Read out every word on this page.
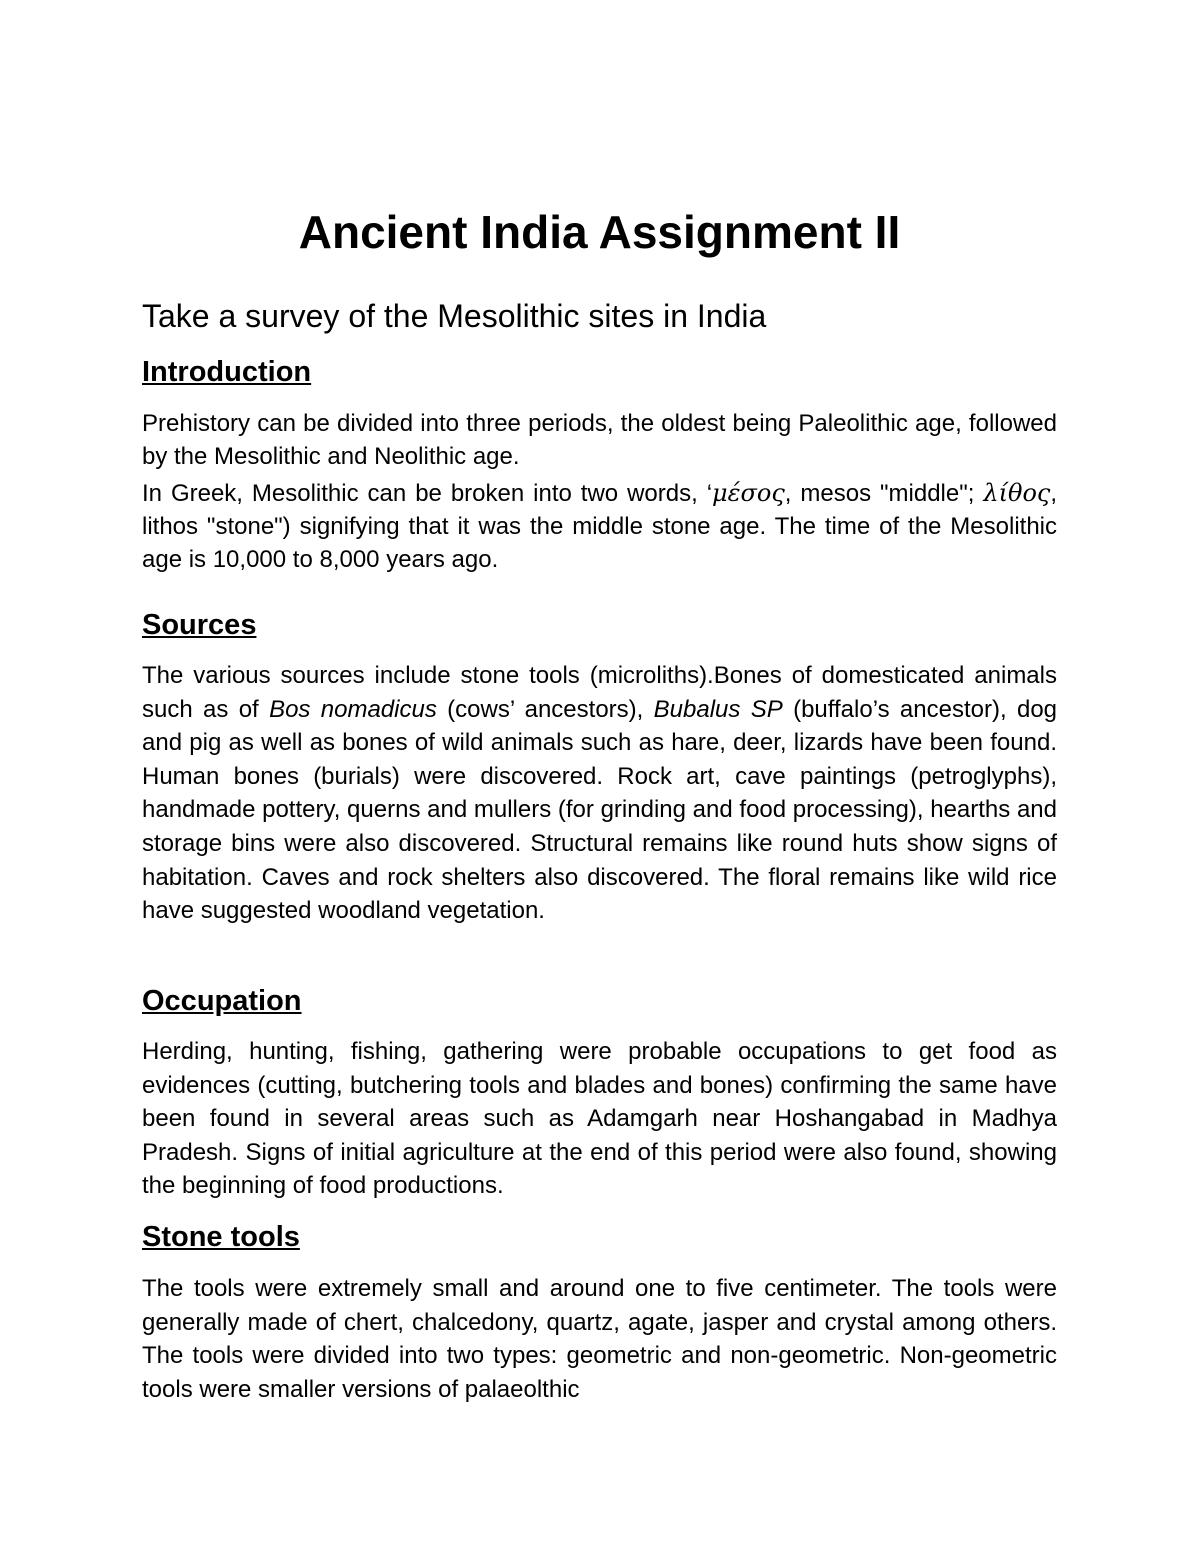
Ancient India Assignment II
Take a survey of the Mesolithic sites in India
Introduction

Prehistory can be divided into three periods, the oldest being Paleolithic age, followed by the Mesolithic and Neolithic age.

In Greek, Mesolithic can be broken into two words, ‘μέσος, mesos "middle"; λίθος, lithos "stone") signifying that it was the middle stone age. The time of the Mesolithic age is 10,000 to 8,000 years ago.

Sources

The various sources include stone tools (microliths).Bones of domesticated animals such as of Bos nomadicus (cows’ ancestors), Bubalus SP (buffalo’s ancestor), dog and pig as well as bones of wild animals such as hare, deer, lizards have been found. Human bones (burials) were discovered. Rock art, cave paintings (petroglyphs), handmade pottery, querns and mullers (for grinding and food processing), hearths and storage bins were also discovered. Structural remains like round huts show signs of habitation. Caves and rock shelters also discovered. The floral remains like wild rice have suggested woodland vegetation.

Occupation

Herding, hunting, fishing, gathering were probable occupations to get food as evidences (cutting, butchering tools and blades and bones) confirming the same have been found in several areas such as Adamgarh near Hoshangabad in Madhya Pradesh. Signs of initial agriculture at the end of this period were also found, showing the beginning of food productions.

Stone tools

The tools were extremely small and around one to five centimeter. The tools were generally made of chert, chalcedony, quartz, agate, jasper and crystal among others. The tools were divided into two types: geometric and non-geometric. Non-geometric tools were smaller versions of palaeolthic
